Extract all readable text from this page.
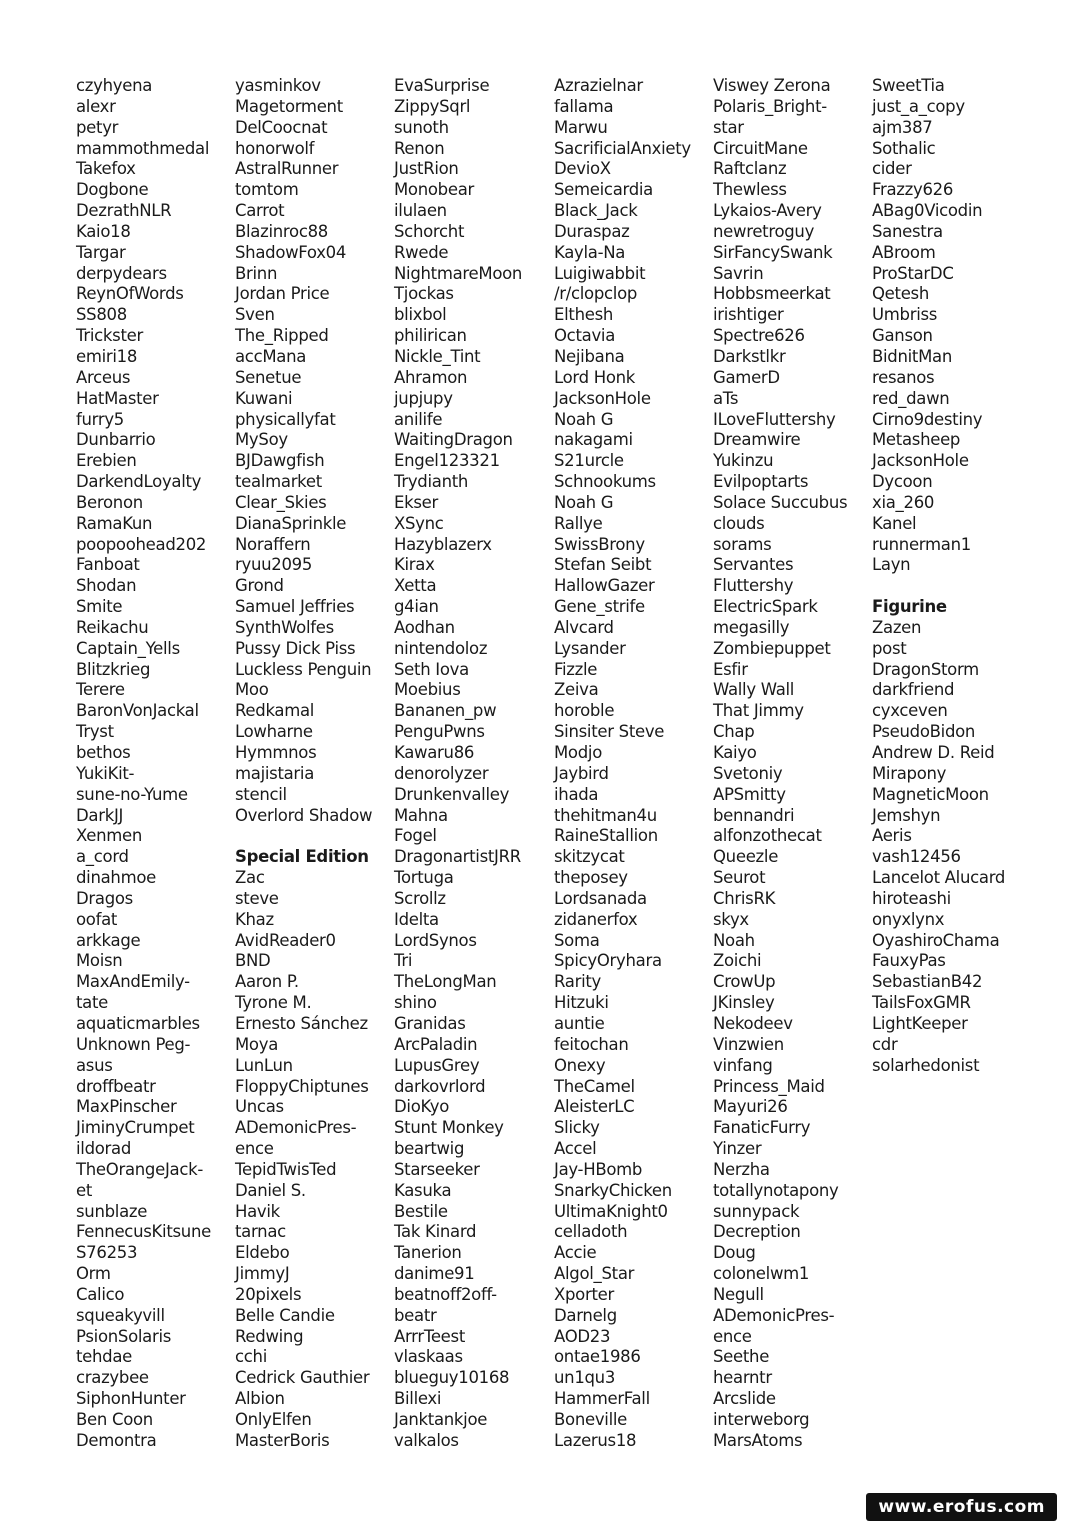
czyhyena
alexr
petyr
mammothmedal
Takefox
Dogbone
DezrathNLR
Kaio18
Targar
derpydears
ReynOfWords
SS808
Trickster
emiri18
Arceus
HatMaster
furry5
Dunbarrio
Erebien
DarkendLoyalty
Beronon
RamaKun
poopoohead202
Fanboat
Shodan
Smite
Reikachu
Captain_Yells
Blitzkrieg
Terere
BaronVonJackal
Tryst
bethos
YukiKit-
sune-no-Yume
DarkJJ
Xenmen
a_cord
dinahmoe
Dragos
oofat
arkkage
Moisn
MaxAndEmily-
tate
aquaticmarbles
Unknown Peg-
asus
droffbeatr
MaxPinscher
JiminyCrumpet
ildorad
TheOrangeJack-
et
sunblaze
FennecusKitsune
S76253
Orm
Calico
squeakyvill
PsionSolaris
tehdae
crazybee
SiphonHunter
Ben Coon
Demontra
yasminkov
Magetorment
DelCoocnat
honorwolf
AstralRunner
tomtom
Carrot
Blazinroc88
ShadowFox04
Brinn
Jordan Price
Sven
The_Ripped
accMana
Senetue
Kuwani
physicallyfat
MySoy
BJDawgfish
tealmarket
Clear_Skies
DianaSprinkle
Noraffern
ryuu2095
Grond
Samuel Jeffries
SynthWolfes
Pussy Dick Piss
Luckless Penguin
Moo
Redkamal
Lowharne
Hymmnos
majistaria
stencil
Overlord Shadow
Special Edition
Zac
steve
Khaz
AvidReader0
BND
Aaron P.
Tyrone M.
Ernesto Sánchez
Moya
LunLun
FloppyChiptunes
Uncas
ADemonicPres-
ence
TepidTwisTed
Daniel S.
Havik
tarnac
Eldebo
JimmyJ
20pixels
Belle Candie
Redwing
cchi
Cedrick Gauthier
Albion
OnlyElfen
MasterBoris
EvaSurprise
ZippySqrl
sunoth
Renon
JustRion
Monobear
ilulaen
Schorcht
Rwede
NightmareMoon
Tjockas
blixbol
philirican
Nickle_Tint
Ahramon
jupjupy
anilife
WaitingDragon
Engel123321
Trydianth
Ekser
XSync
Hazyblazerx
Kirax
Xetta
g4ian
Aodhan
nintendoloz
Seth Iova
Moebius
Bananen_pw
PenguPwns
Kawaru86
denorolyzer
Drunkenvalley
Mahna
Fogel
DragonartistJRR
Tortuga
Scrollz
Idelta
LordSynos
Tri
TheLongMan
shino
Granidas
ArcPaladin
LupusGrey
darkovrlord
DioKyo
Stunt Monkey
beartwig
Starseeker
Kasuka
Bestile
Tak Kinard
Tanerion
danime91
beatnoff2off-
beatr
ArrrTeest
vlaskaas
blueguy10168
Billexi
Janktankjoe
valkalos
Azrazielnar
fallama
Marwu
SacrificialAnxiety
DevioX
Semeicardia
Black_Jack
Duraspaz
Kayla-Na
Luigiwabbit
/r/clopclop
Elthesh
Octavia
Nejibana
Lord Honk
JacksonHole
Noah G
nakagami
S21urcle
Schnookums
Noah G
Rallye
SwissBrony
Stefan Seibt
HallowGazer
Gene_strife
Alvcard
Lysander
Fizzle
Zeiva
horoble
Sinsiter Steve
Modjo
Jaybird
ihada
thehitman4u
RaineStallion
skitzycat
theposey
Lordsanada
zidanerfox
Soma
SpicyOryhara
Rarity
Hitzuki
auntie
feitochan
Onexy
TheCamel
AleisterLC
Slicky
Accel
Jay-HBomb
SnarkyChicken
UltimaKnight0
celladoth
Accie
Algol_Star
Xporter
Darnelg
AOD23
ontae1986
un1qu3
HammerFall
Boneville
Lazerus18
Viswey Zerona
Polaris_Bright-
star
CircuitMane
Raftclanz
Thewless
Lykaios-Avery
newretroguy
SirFancySwank
Savrin
Hobbsmeerkat
irishtiger
Spectre626
Darkstlkr
GamerD
aTs
ILoveFluttershy
Dreamwire
Yukinzu
Evilpoptarts
Solace Succubus
clouds
sorams
Servantes
Fluttershy
ElectricSpark
megasilly
Zombiepuppet
Esfir
Wally Wall
That Jimmy
Chap
Kaiyo
Svetoniy
APSmitty
bennandri
alfonzothecat
Queezle
Seurot
ChrisRK
skyx
Noah
Zoichi
CrowUp
JKinsley
Nekodeev
Vinzwien
vinfang
Princess_Maid
Mayuri26
FanaticFurry
Yinzer
Nerzha
totallynotapony
sunnypack
Decreption
Doug
colonelwm1
Negull
ADemonicPres-
ence
Seethe
hearntr
Arcslide
interweborg
MarsAtoms
SweetTia
just_a_copy
ajm387
Sothalic
cider
Frazzy626
ABag0Vicodin
Sanestra
ABroom
ProStarDC
Qetesh
Umbriss
Ganson
BidnitMan
resanos
red_dawn
Cirno9destiny
Metasheep
JacksonHole
Dycoon
xia_260
Kanel
runnerman1
Layn
Figurine
Zazen
post
DragonStorm
darkfriend
cyxceven
PseudoBidon
Andrew D. Reid
Mirapony
MagneticMoon
Jemshyn
Aeris
vash12456
Lancelot Alucard
hiroteashi
onyxlynx
OyashiroChama
FauxyPas
SebastianB42
TailsFoxGMR
LightKeeper
cdr
solarhedonist
www.erofus.com
